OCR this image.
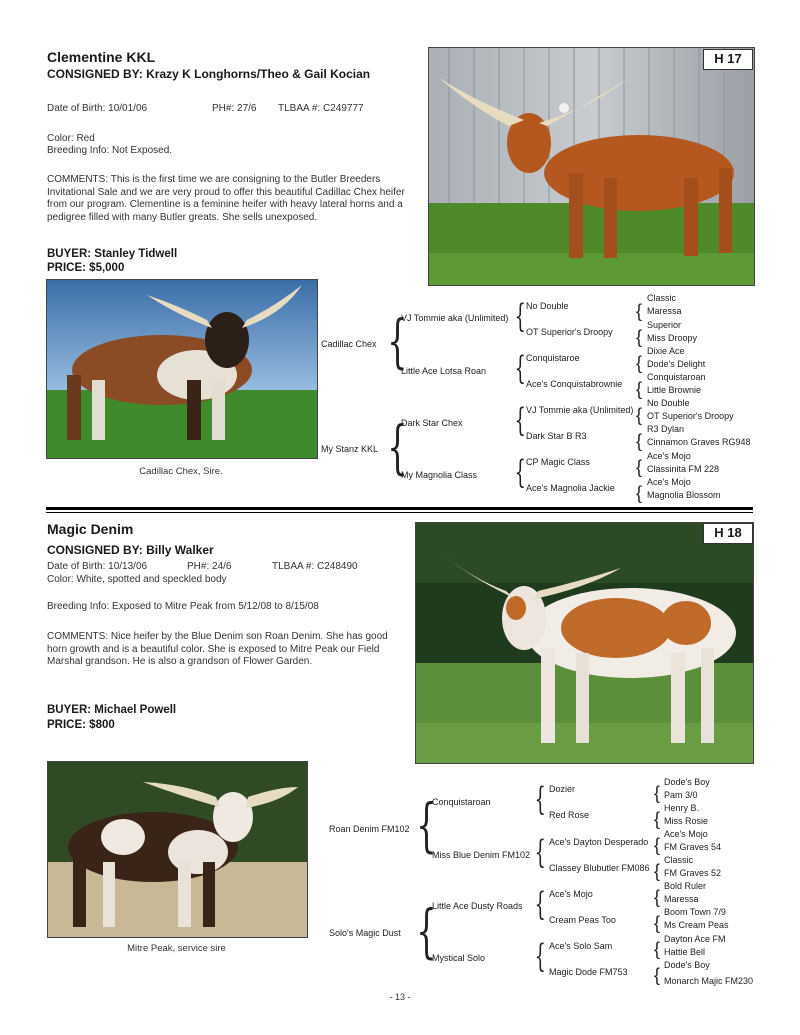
Clementine KKL
CONSIGNED BY: Krazy K Longhorns/Theo & Gail Kocian
Date of Birth: 10/01/06	PH#: 27/6 TLBAA #: C249777
Color: Red
Breeding Info: Not Exposed.
COMMENTS: This is the first time we are consigning to the Butler Breeders Invitational Sale and we are very proud to offer this beautiful Cadillac Chex heifer from our program. Clementine is a feminine heifer with heavy lateral horns and a pedigree filled with many Butler greats. She sells unexposed.
BUYER: Stanley Tidwell
PRICE: $5,000
H 17
Cadillac Chex, Sire.
Cadillac Chex
My Stanz KKL
{
{
VJ Tommie aka (Unlimited)
Little Ace Lotsa Roan
Dark Star Chex
My Magnolia Class
{
{
{
{
No Double
OT Superior's Droopy
Conquistaroe
Ace's Conquistabrownie
VJ Tommie aka (Unlimited)
Dark Star B R3
CP Magic Class
Ace's Magnolia Jackie
{
{
{
{
{
{
{
{
Classic
Maressa
Superior
Miss Droopy
Dixie Ace
Dode's Delight
Conquistaroan
Little Brownie
No Double
OT Superior's Droopy
R3 Dylan
Cinnamon Graves RG948
Ace's Mojo
Classinita FM 228
Ace's Mojo
Magnolia Blossom
Magic Denim
CONSIGNED BY: Billy Walker
Date of Birth: 10/13/06	PH#: 24/6	TLBAA #: C248490
Color: White, spotted and speckled body
Breeding Info: Exposed to Mitre Peak from 5/12/08 to 8/15/08
COMMENTS: Nice heifer by the Blue Denim son Roan Denim. She has good horn growth and is a beautiful color. She is exposed to Mitre Peak our Field Marshal grandson. He is also a grandson of Flower Garden.
BUYER: Michael Powell
PRICE: $800
H 18
Mitre Peak, service sire
Roan Denim FM102
Solo's Magic Dust
{
{
Conquistaroan
Miss Blue Denim FM102
Little Ace Dusty Roads
Mystical Solo
{
{
{
{
Dozier
Red Rose
Ace's Dayton Desperado
Classey Blubutler FM086
Ace's Mojo
Cream Peas Too
Ace's Solo Sam
Magic Dode FM753
{
{
{
{
{
{
{
{
Dode's Boy
Pam 3/0
Henry B.
Miss Rosie
Ace's Mojo
FM Graves 54
Classic
FM Graves 52
Bold Ruler
Maressa
Boom Town 7/9
Ms Cream Peas
Dayton Ace FM
Hattie Bell
Dode's Boy
Monarch Majic FM230
- 13 -
